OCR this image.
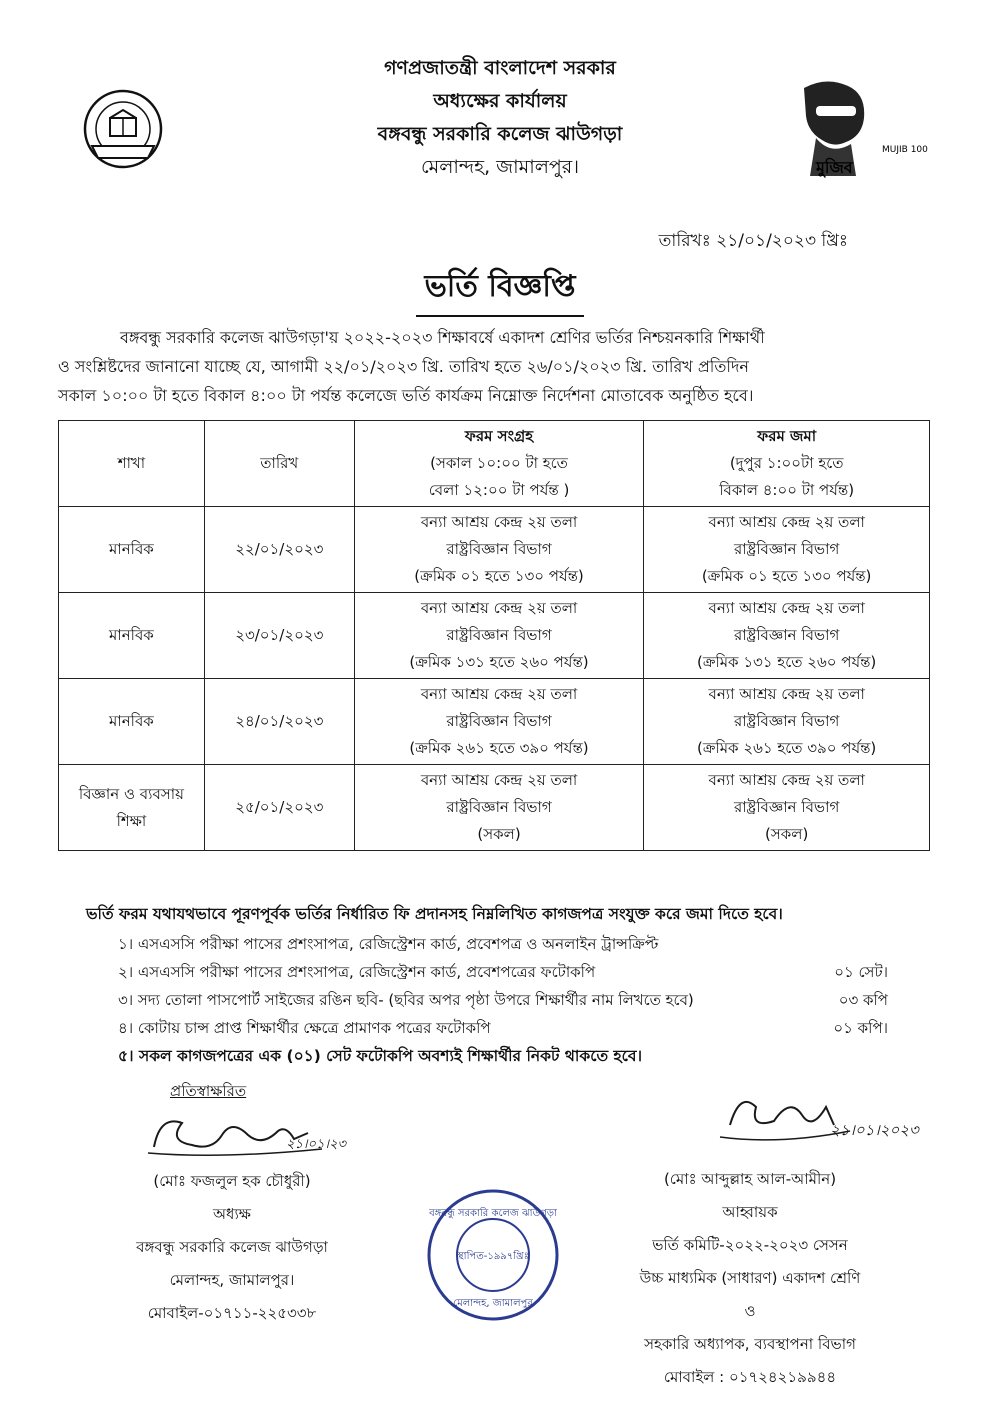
মুজিব
MUJIB 100
গণপ্রজাতন্ত্রী বাংলাদেশ সরকার
অধ্যক্ষের কার্যালয়
বঙ্গবন্ধু সরকারি কলেজ ঝাউগড়া
মেলান্দহ, জামালপুর।
তারিখঃ ২১/০১/২০২৩ খ্রিঃ
ভর্তি বিজ্ঞপ্তি
বঙ্গবন্ধু সরকারি কলেজ ঝাউগড়া'য় ২০২২-২০২৩ শিক্ষাবর্ষে একাদশ শ্রেণির ভর্তির নিশ্চয়নকারি শিক্ষার্থী
ও সংশ্লিষ্টদের জানানো যাচ্ছে যে, আগামী ২২/০১/২০২৩ খ্রি. তারিখ হতে ২৬/০১/২০২৩ খ্রি. তারিখ প্রতিদিন
সকাল ১০:০০ টা হতে বিকাল ৪:০০ টা পর্যন্ত কলেজে ভর্তি কার্যক্রম নিম্নোক্ত নির্দেশনা মোতাবেক অনুষ্ঠিত হবে।
শাখা	তারিখ	ফরম সংগ্রহ
(সকাল ১০:০০ টা হতে
বেলা ১২:০০ টা পর্যন্ত )	ফরম জমা
(দুপুর ১:০০টা হতে
বিকাল ৪:০০ টা পর্যন্ত)

মানবিক	২২/০১/২০২৩	বন্যা আশ্রয় কেন্দ্র ২য় তলা
রাষ্ট্রবিজ্ঞান বিভাগ
(ক্রমিক ০১ হতে ১৩০ পর্যন্ত)	বন্যা আশ্রয় কেন্দ্র ২য় তলা
রাষ্ট্রবিজ্ঞান বিভাগ
(ক্রমিক ০১ হতে ১৩০ পর্যন্ত)

মানবিক	২৩/০১/২০২৩	বন্যা আশ্রয় কেন্দ্র ২য় তলা
রাষ্ট্রবিজ্ঞান বিভাগ
(ক্রমিক ১৩১ হতে ২৬০ পর্যন্ত)	বন্যা আশ্রয় কেন্দ্র ২য় তলা
রাষ্ট্রবিজ্ঞান বিভাগ
(ক্রমিক ১৩১ হতে ২৬০ পর্যন্ত)

মানবিক	২৪/০১/২০২৩	বন্যা আশ্রয় কেন্দ্র ২য় তলা
রাষ্ট্রবিজ্ঞান বিভাগ
(ক্রমিক ২৬১ হতে ৩৯০ পর্যন্ত)	বন্যা আশ্রয় কেন্দ্র ২য় তলা
রাষ্ট্রবিজ্ঞান বিভাগ
(ক্রমিক ২৬১ হতে ৩৯০ পর্যন্ত)

বিজ্ঞান ও ব্যবসায় শিক্ষা	২৫/০১/২০২৩	বন্যা আশ্রয় কেন্দ্র ২য় তলা
রাষ্ট্রবিজ্ঞান বিভাগ
(সকল)	বন্যা আশ্রয় কেন্দ্র ২য় তলা
রাষ্ট্রবিজ্ঞান বিভাগ
(সকল)
ভর্তি ফরম যথাযথভাবে পূরণপূর্বক ভর্তির নির্ধারিত ফি প্রদানসহ নিম্নলিখিত কাগজপত্র সংযুক্ত করে জমা দিতে হবে।
১। এসএসসি পরীক্ষা পাসের প্রশংসাপত্র, রেজিস্ট্রেশন কার্ড, প্রবেশপত্র ও অনলাইন ট্রান্সক্রিপ্ট
২। এসএসসি পরীক্ষা পাসের প্রশংসাপত্র, রেজিস্ট্রেশন কার্ড, প্রবেশপত্রের ফটোকপি	০১ সেট।
৩। সদ্য তোলা পাসপোর্ট সাইজের রঙিন ছবি- (ছবির অপর পৃষ্ঠা উপরে শিক্ষার্থীর নাম লিখতে হবে)	০৩ কপি
৪। কোটায় চান্স প্রাপ্ত শিক্ষার্থীর ক্ষেত্রে প্রামাণক পত্রের ফটোকপি	০১ কপি।
৫। সকল কাগজপত্রের এক (০১) সেট ফটোকপি অবশ্যই শিক্ষার্থীর নিকট থাকতে হবে।
প্রতিস্বাক্ষরিত
২১।০১।২৩
(মোঃ ফজলুল হক চৌধুরী)
অধ্যক্ষ
বঙ্গবন্ধু সরকারি কলেজ ঝাউগড়া
মেলান্দহ, জামালপুর।
মোবাইল-০১৭১১-২২৫৩৩৮
বঙ্গবন্ধু সরকারি কলেজ ঝাউগড়া
স্থাপিত-১৯৯৭খ্রিঃ
মেলান্দহ, জামালপুর
২১।০১।২০২৩
(মোঃ আব্দুল্লাহ আল-আমীন)
আহ্বায়ক
ভর্তি কমিটি-২০২২-২০২৩ সেসন
উচ্চ মাধ্যমিক (সাধারণ) একাদশ শ্রেণি
ও
সহকারি অধ্যাপক, ব্যবস্থাপনা বিভাগ
মোবাইল : ০১৭২৪২১৯৯৪৪
